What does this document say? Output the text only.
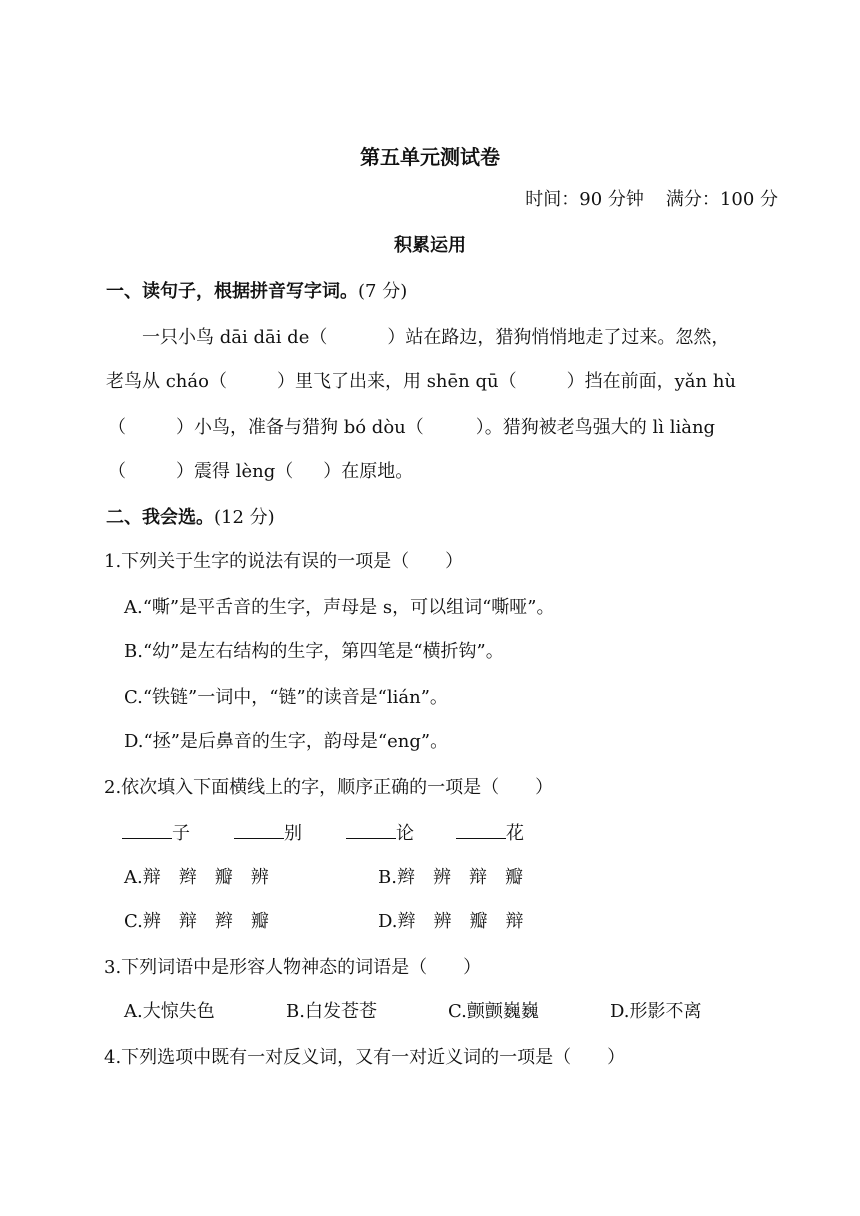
第五单元测试卷
时间：90 分钟 满分：100 分
积累运用
一、读句子，根据拼音写字词。(7 分)
一只小鸟 dāi dāi de（	）站在路边，猎狗悄悄地走了过来。忽然，
老鸟从 cháo（	）里飞了出来，用 shēn qū（	）挡在前面，yǎn hù
（	）小鸟，准备与猎狗 bó dòu（	）。猎狗被老鸟强大的 lì liàng
（	）震得 lèng（ ）在原地。
二、我会选。(12 分)
1.下列关于生字的说法有误的一项是（　　）
A.“嘶”是平舌音的生字，声母是 s，可以组词“嘶哑”。
B.“幼”是左右结构的生字，第四笔是“横折钩”。
C.“铁链”一词中，“链”的读音是“lián”。
D.“拯”是后鼻音的生字，韵母是“eng”。
2.依次填入下面横线上的字，顺序正确的一项是（　　）
子	别	论	花
A.辩　辫　瓣　辨	B.辫　辨　辩　瓣
C.辨　辩　辫　瓣	D.辫　辨　瓣　辩
3.下列词语中是形容人物神态的词语是（　　）
A.大惊失色	B.白发苍苍	C.颤颤巍巍	D.形影不离
4.下列选项中既有一对反义词，又有一对近义词的一项是（　　）
